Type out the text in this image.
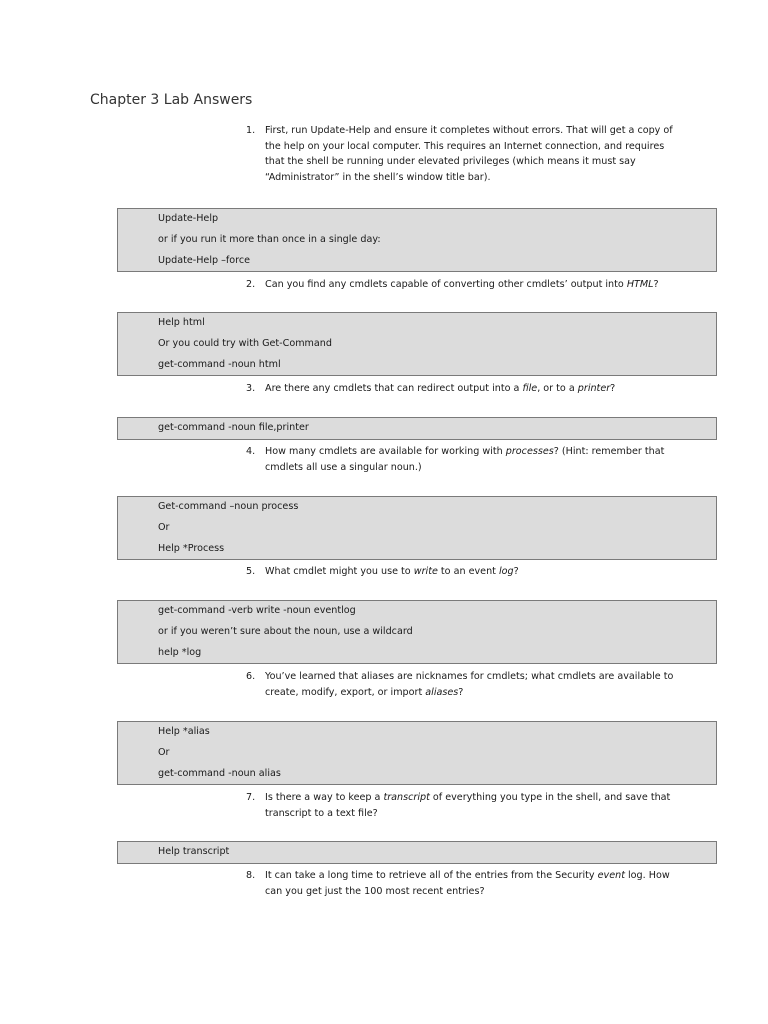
Chapter 3 Lab Answers
1.	First, run Update-Help and ensure it completes without errors. That will get a copy of the help on your local computer. This requires an Internet connection, and requires that the shell be running under elevated privileges (which means it must say “Administrator” in the shell’s window title bar).
Update-Help
or if you run it more than once in a single day:
Update-Help –force
2.	Can you find any cmdlets capable of converting other cmdlets’ output into HTML?
Help html
Or you could try with Get-Command
get-command -noun html
3.	Are there any cmdlets that can redirect output into a file, or to a printer?
get-command -noun file,printer
4.	How many cmdlets are available for working with processes? (Hint: remember that cmdlets all use a singular noun.)
Get-command –noun process
Or
Help *Process
5.	What cmdlet might you use to write to an event log?
get-command -verb write -noun eventlog
or if you weren’t sure about the noun, use a wildcard
help *log
6.	You’ve learned that aliases are nicknames for cmdlets; what cmdlets are available to create, modify, export, or import aliases?
Help *alias
Or
get-command -noun alias
7.	Is there a way to keep a transcript of everything you type in the shell, and save that transcript to a text file?
Help transcript
8.	It can take a long time to retrieve all of the entries from the Security event log. How can you get just the 100 most recent entries?
